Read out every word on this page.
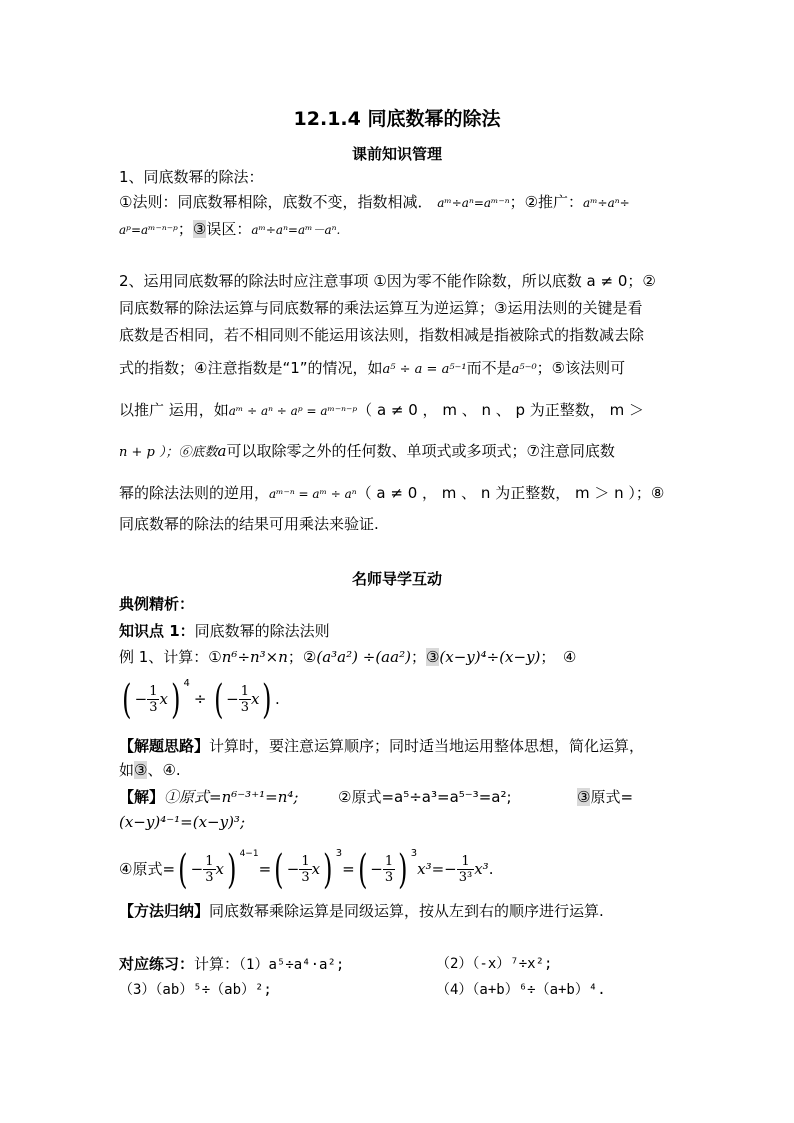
12.1.4 同底数幂的除法
课前知识管理
1、同底数幂的除法：
①法则：同底数幂相除，底数不变，指数相减． aᵐ÷aⁿ=aᵐ⁻ⁿ；②推广：aᵐ÷aⁿ÷
aᵖ=aᵐ⁻ⁿ⁻ᵖ；③误区：aᵐ÷aⁿ=aᵐ－aⁿ.
2、运用同底数幂的除法时应注意事项 ①因为零不能作除数，所以底数 a ≠ 0；②
同底数幂的除法运算与同底数幂的乘法运算互为逆运算；③运用法则的关键是看
底数是否相同，若不相同则不能运用该法则，指数相减是指被除式的指数减去除
式的指数；④注意指数是“1”的情况，如a⁵ ÷ a = a⁵⁻¹而不是a⁵⁻⁰；⑤该法则可
以推广 运用，如aᵐ ÷ aⁿ ÷ aᵖ = aᵐ⁻ⁿ⁻ᵖ（ a ≠ 0 ， m 、 n 、 p 为正整数， m ＞
n + p ）；⑥底数a可以取除零之外的任何数、单项式或多项式；⑦注意同底数
幂的除法法则的逆用，aᵐ⁻ⁿ = aᵐ ÷ aⁿ（ a ≠ 0 ， m 、 n 为正整数， m ＞ n ）；⑧
同底数幂的除法的结果可用乘法来验证.
名师导学互动
典例精析：
知识点 1：同底数幂的除法法则
例 1、计算：①n⁶÷n³×n；②(a³a²) ÷(aa²)；③(x−y)⁴÷(x−y)；　④
( − $\frac{1}{3} x$) $^4$÷ ( − $\frac{1}{3} x$) .
【解题思路】计算时，要注意运算顺序；同时适当地运用整体思想，简化运算，
如③、④.
【解】①原式=n⁶⁻³⁺¹=n⁴;	②原式=a⁵÷a³=a⁵⁻³=a²;	③原式=
(x−y)⁴⁻¹=(x−y)³;
④原式=( − $\frac{1}{3} x$) $^{4-1}=( - \frac{1}{3} x)$ $^3=( - \frac{1}{3}$ ) $^3x^3=- \frac{1}{\text{3³}} x^3$.
【方法归纳】同底数幂乘除运算是同级运算，按从左到右的顺序进行运算.
对应练习：计算：（1）a⁵÷a⁴·a²;	（2）（-x）⁷÷x²;
（3）（ab）⁵÷（ab）²;	（4）（a+b）⁶÷（a+b）⁴.
